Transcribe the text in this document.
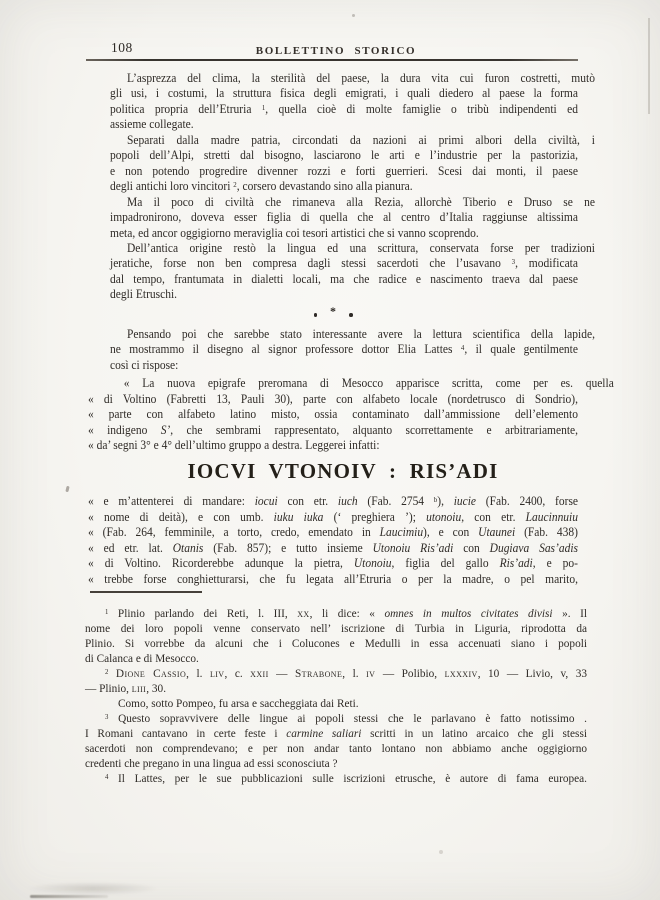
108	BOLLETTINO STORICO
L’asprezza del clima, la sterilità del paese, la dura vita cui furon costretti, mutò
gli usi, i costumi, la struttura fisica degli emigrati, i quali diedero al paese la forma
politica propria dell’Etruria $^1$, quella cioè di molte famiglie o tribù indipendenti ed
assieme collegate.
Separati dalla madre patria, circondati da nazioni ai primi albori della civiltà, i
popoli dell’Alpi, stretti dal bisogno, lasciarono le arti e l’industrie per la pastorizia,
e non potendo progredire divenner rozzi e forti guerrieri. Scesi dai monti, il paese
degli antichi loro vincitori $^2$, corsero devastando sino alla pianura.
Ma il poco di civiltà che rimaneva alla Rezia, allorchè Tiberio e Druso se ne
impadronirono, doveva esser figlia di quella che al centro d’Italia raggiunse altissima
meta, ed ancor oggigiorno meraviglia coi tesori artistici che si vanno scoprendo.
Dell’antica origine restò la lingua ed una scrittura, conservata forse per tradizioni
jeratiche, forse non ben compresa dagli stessi sacerdoti che l’usavano $^3$, modificata
dal tempo, frantumata in dialetti locali, ma che radice e nascimento traeva dal paese
degli Etruschi.
*
Pensando poi che sarebbe stato interessante avere la lettura scientifica della lapide,
ne mostrammo il disegno al signor professore dottor Elia Lattes $^4$, il quale gentilmente
così ci rispose:
« La nuova epigrafe preromana di Mesocco apparisce scritta, come per es. quella
« di Voltino (Fabretti 13, Pauli 30), parte con alfabeto locale (nordetrusco di Sondrio),
« parte con alfabeto latino misto, ossia contaminato dall’ammissione dell’elemento
« indigeno S’, che sembrami rappresentato, alquanto scorrettamente e arbitrariamente,
« da’ segni 3° e 4° dell’ultimo gruppo a destra. Leggerei infatti:
IOCVI VTONOIV : RIS’ADI
« e m’attenterei di mandare: iocui con etr. iuch (Fab. 2754 $^b$), iucie (Fab. 2400, forse
« nome di deità), e con umb. iuku iuka (‘ preghiera ’); utonoiu, con etr. Laucinnuiu
« (Fab. 264, femminile, a torto, credo, emendato in Laucimiu), e con Utaunei (Fab. 438)
« ed etr. lat. Otanis (Fab. 857); e tutto insieme Utonoiu Ris’adi con Dugiava Sas’adis
« di Voltino. Ricorderebbe adunque la pietra, Utonoiu, figlia del gallo Ris’adi, e po-
« trebbe forse conghietturarsi, che fu legata all’Etruria o per la madre, o pel marito,
$^1$ Plinio parlando dei Reti, l. III, xx, li dice: « omnes in multos civitates divisi ». Il
nome dei loro popoli venne conservato nell’ iscrizione di Turbia in Liguria, riprodotta da
Plinio. Si vorrebbe da alcuni che i Colucones e Medulli in essa accenuati siano i popoli
di Calanca e di Mesocco.
$^2$ Dione Cassio, l. liv, c. xxii — Strabone, l. iv — Polibio, lxxxiv, 10 — Livio, v, 33
— Plinio, liii, 30.
Como, sotto Pompeo, fu arsa e saccheggiata dai Reti.
$^3$ Questo sopravvivere delle lingue ai popoli stessi che le parlavano è fatto notissimo .
I Romani cantavano in certe feste i carmine saliari scritti in un latino arcaico che gli stessi
sacerdoti non comprendevano; e per non andar tanto lontano non abbiamo anche oggigiorno
credenti che pregano in una lingua ad essi sconosciuta ?
$^4$ Il Lattes, per le sue pubblicazioni sulle iscrizioni etrusche, è autore di fama europea.
